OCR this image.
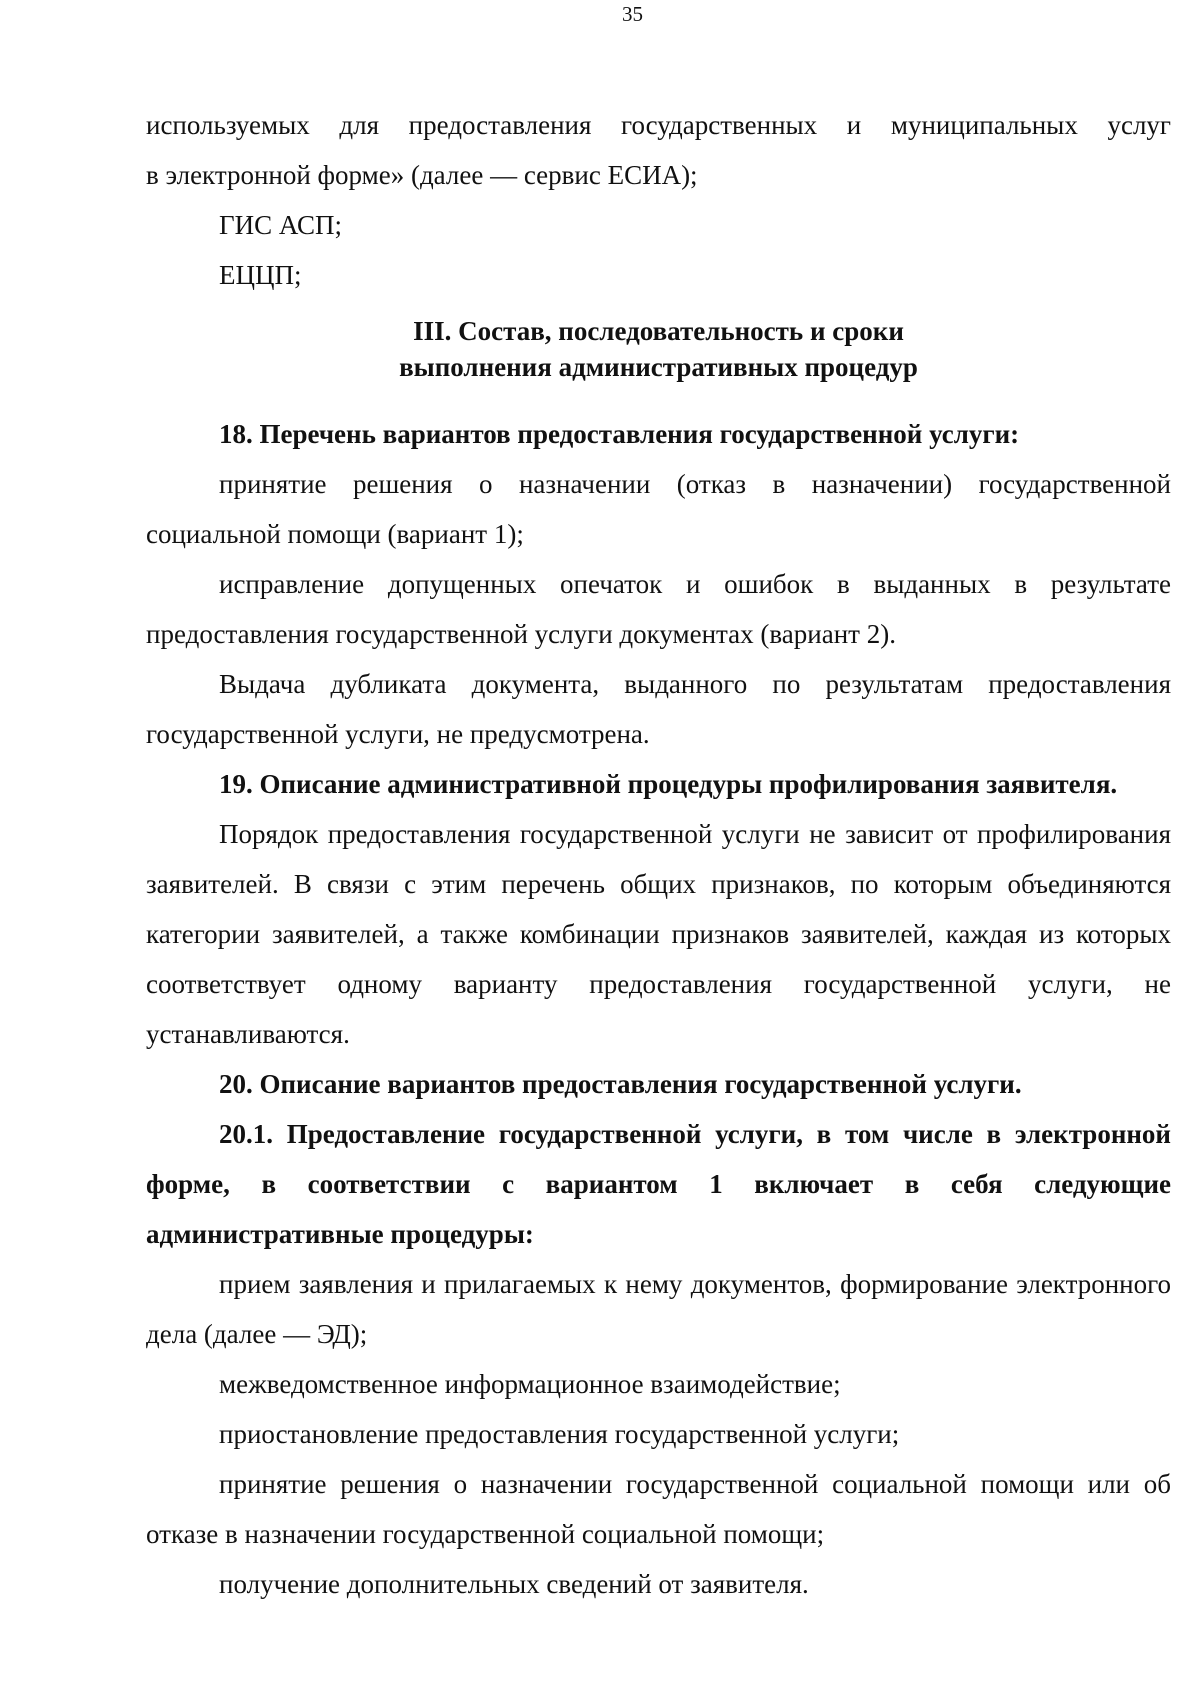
35

используемых для предоставления государственных и муниципальных услуг

в электронной форме» (далее — сервис ЕСИА);

ГИС АСП;

ЕЦЦП;

III. Состав, последовательность и сроки
выполнения административных процедур

18. Перечень вариантов предоставления государственной услуги:

принятие решения о назначении (отказ в назначении) государственной социальной помощи (вариант 1);

исправление допущенных опечаток и ошибок в выданных в результате предоставления государственной услуги документах (вариант 2).

Выдача дубликата документа, выданного по результатам предоставления государственной услуги, не предусмотрена.

19. Описание административной процедуры профилирования заявителя.

Порядок предоставления государственной услуги не зависит от профилирования заявителей. В связи с этим перечень общих признаков, по которым объединяются категории заявителей, а также комбинации признаков заявителей, каждая из которых соответствует одному варианту предоставления государственной услуги, не устанавливаются.

20. Описание вариантов предоставления государственной услуги.

20.1. Предоставление государственной услуги, в том числе в электронной форме, в соответствии с вариантом 1 включает в себя следующие административные процедуры:

прием заявления и прилагаемых к нему документов, формирование электронного дела (далее — ЭД);

межведомственное информационное взаимодействие;

приостановление предоставления государственной услуги;

принятие решения о назначении государственной социальной помощи или об отказе в назначении государственной социальной помощи;

получение дополнительных сведений от заявителя.
